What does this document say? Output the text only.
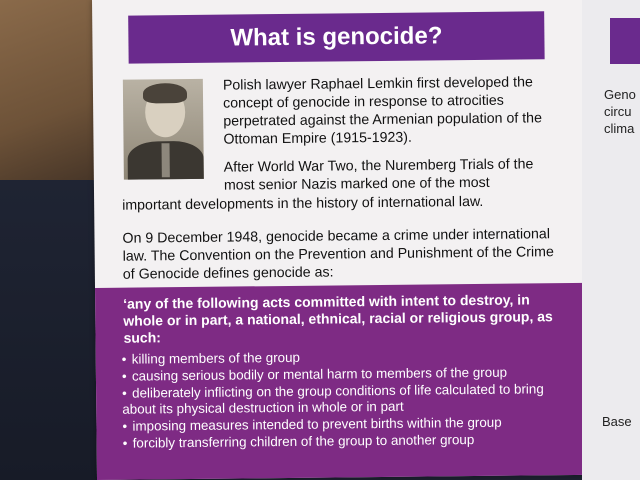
What is genocide?

Polish lawyer Raphael Lemkin first developed the concept of genocide in response to atrocities perpetrated against the Armenian population of the Ottoman Empire (1915-1923).

After World War Two, the Nuremberg Trials of the most senior Nazis marked one of the most

important developments in the history of international law.

On 9 December 1948, genocide became a crime under international law. The Convention on the Prevention and Punishment of the Crime of Genocide defines genocide as:

‘any of the following acts committed with intent to destroy, in whole or in part, a national, ethnical, racial or religious group, as such:

• killing members of the group
• causing serious bodily or mental harm to members of the group
• deliberately inflicting on the group conditions of life calculated to bring about its physical destruction in whole or in part
• imposing measures intended to prevent births within the group
• forcibly transferring children of the group to another group
Geno
circu
clima
Base
